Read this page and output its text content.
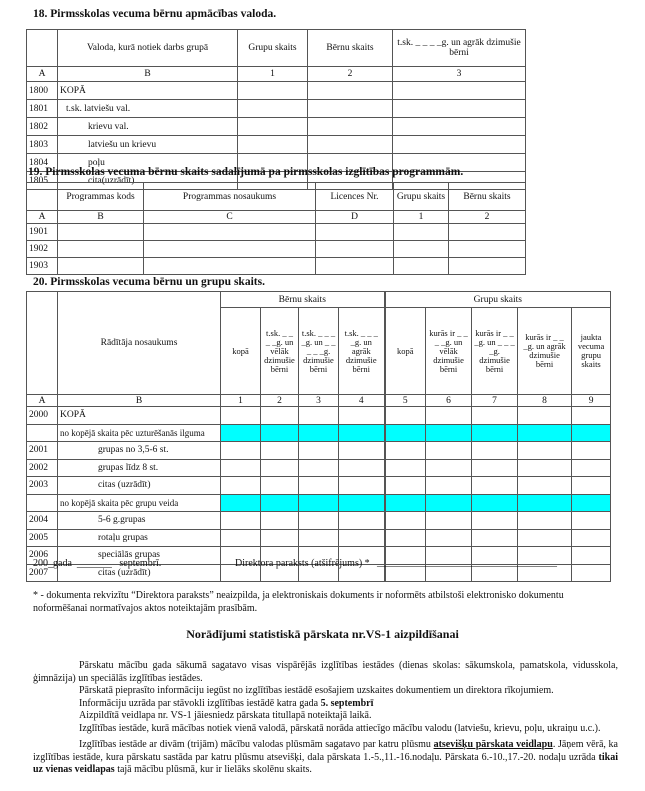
18. Pirmsskolas vecuma bērnu apmācības valoda.
	Valoda, kurā notiek darbs grupā	Grupu skaits	Bērnu skaits	t.sk. _ _ _ _g. un agrāk dzimušie bērni
A	B	1	2	3
1800	KOPĀ			
1801	t.sk. latviešu val.			
1802	krievu val.			
1803	latviešu un krievu			
1804	poļu			
1805	cita(uzrādīt)			
19. Pirmsskolas vecuma bērnu skaits sadalījumā pa pirmsskolas izglītības programmām.
	Programmas kods	Programmas nosaukums	Licences Nr.	Grupu skaits	Bērnu skaits
A	B	C	D	1	2
1901					
1902					
1903					
20. Pirmsskolas vecuma bērnu un grupu skaits.
	Rādītāja nosaukums	Bērnu skaits				Grupu skaits				
		kopā	t.sk. _ _ _ _g. un vēlāk dzimušie bērni	t.sk. _ _ _ _g. un _ _ _ _ _g. dzimušie bērni	t.sk. _ _ _ _g. un agrāk dzimušie bērni	kopā	kurās ir _ _ _ _g. un vēlāk dzimušie bērni	kurās ir _ _ _g. un _ _ _ _g. dzimušie bērni	kurās ir _ _ _g. un agrāk dzimušie bērni	jaukta vecuma grupu skaits
A	B	1	2	3	4	5	6	7	8	9
2000	KOPĀ									
	no kopējā skaita pēc uzturēšanās ilguma									
2001	grupas no 3,5-6 st.									
2002	grupas līdz 8 st.									
2003	citas (uzrādīt)									
	no kopējā skaita pēc grupu veida									
2004	5-6 g.grupas									
2005	rotaļu grupas									
2006	speciālās grupas									
2007	citas (uzrādīt)									
200_gada  _______   septembrī.	Direktora paraksts (atšifrējums) * ____________________________________
* - dokumenta rekvizītu “Direktora paraksts” neaizpilda, ja elektroniskais dokuments ir noformēts atbilstoši elektronisko dokumentu noformēšanai normatīvajos aktos noteiktajām prasībām.
Norādījumi statistiskā pārskata nr.VS-1 aizpildīšanai

Pārskatu mācību gada sākumā sagatavo visas vispārējās izglītības iestādes (dienas skolas: sākumskola, pamatskola, vidusskola, ģimnāzija) un speciālās izglītības iestādes.

Pārskatā pieprasīto informāciju iegūst no izglītības iestādē esošajiem uzskaites dokumentiem un direktora rīkojumiem.

Informāciju uzrāda par stāvokli izglītības iestādē katra gada 5. septembrī

Aizpildītā veidlapa nr. VS-1 jāiesniedz pārskata titullapā noteiktajā laikā.

Izglītības iestāde, kurā mācības notiek vienā valodā, pārskatā norāda attiecīgo mācību valodu (latviešu, krievu, poļu, ukraiņu u.c.).

Izglītības iestāde ar divām (trijām) mācību valodas plūsmām sagatavo par katru plūsmu atsevišķu pārskata veidlapu. Jāņem vērā, ka izglītības iestāde, kura pārskatu sastāda par katru plūsmu atsevišķi, dala pārskata 1.-5.,11.-16.nodaļu. Pārskata 6.-10.,17.-20. nodaļu uzrāda tikai uz vienas veidlapas tajā mācību plūsmā, kur ir lielāks skolēnu skaits.
